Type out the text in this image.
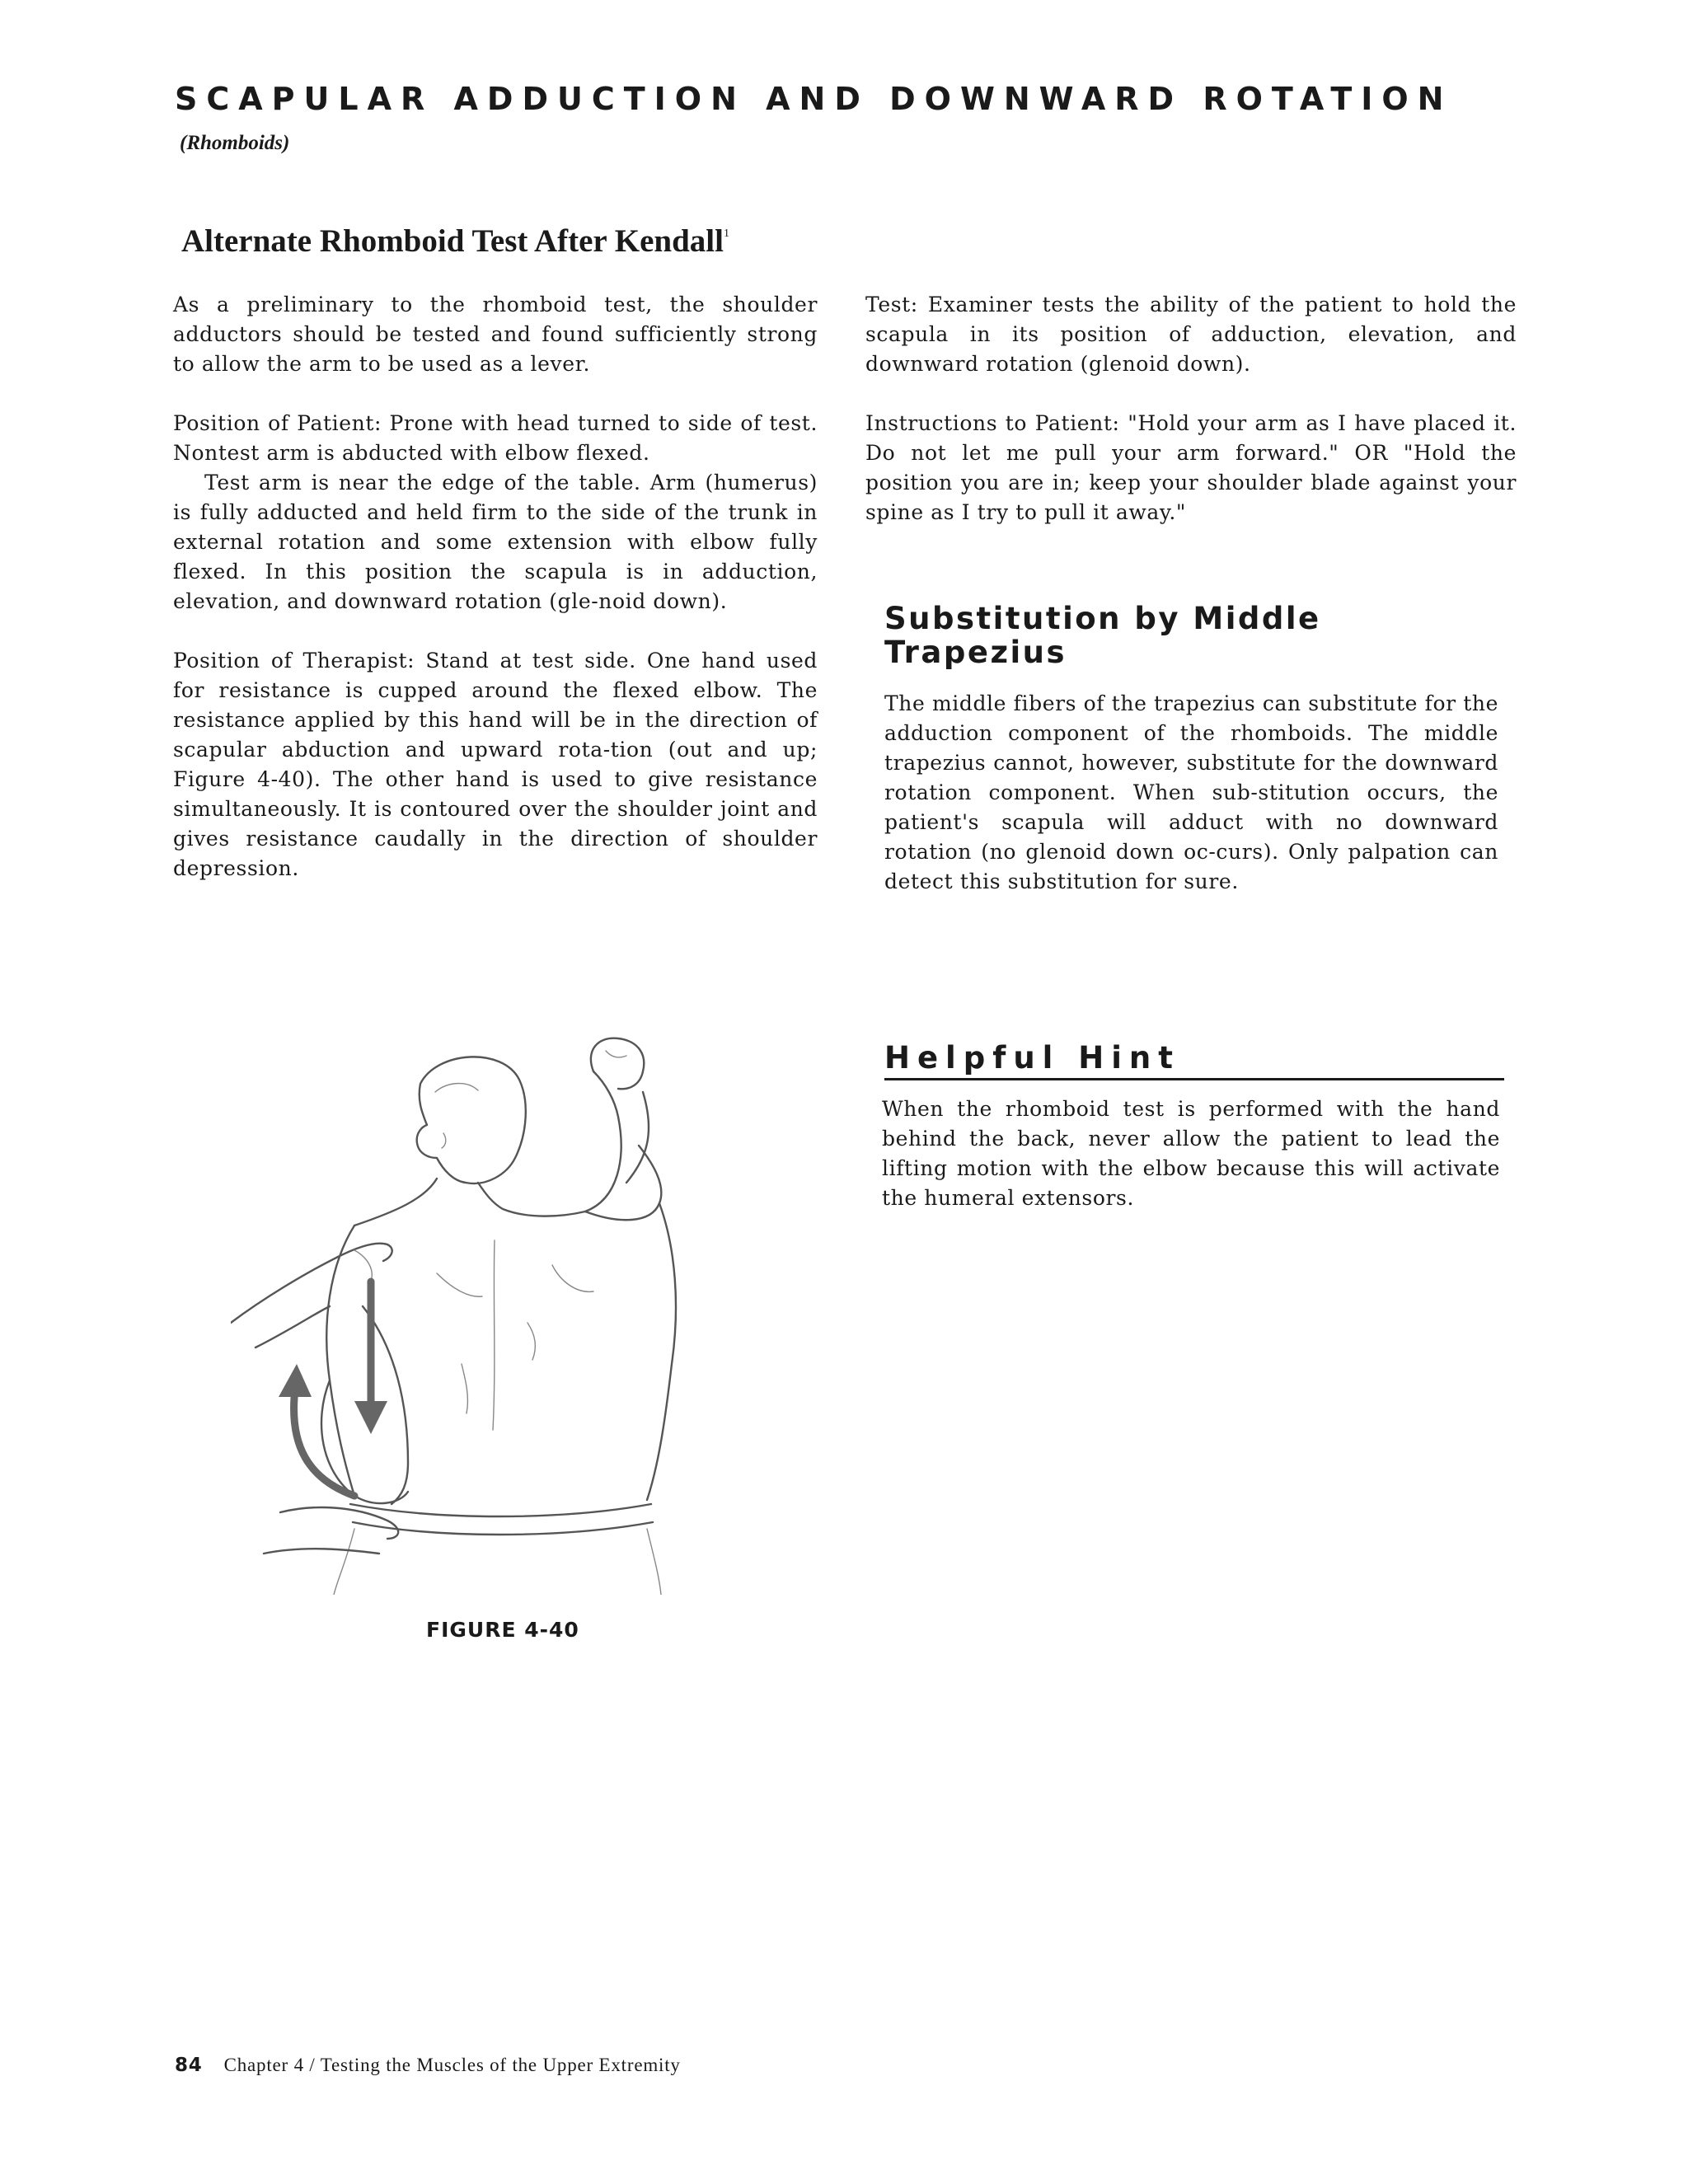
SCAPULAR ADDUCTION AND DOWNWARD ROTATION
(Rhomboids)
Alternate Rhomboid Test After Kendall$^1$

As a preliminary to the rhomboid test, the shoulder adductors should be tested and found sufficiently strong to allow the arm to be used as a lever.

Position of Patient: Prone with head turned to side of test. Nontest arm is abducted with elbow flexed.

Test arm is near the edge of the table. Arm (humerus) is fully adducted and held firm to the side of the trunk in external rotation and some extension with elbow fully flexed. In this position the scapula is in adduction, elevation, and downward rotation (gle-noid down).

Position of Therapist: Stand at test side. One hand used for resistance is cupped around the flexed elbow. The resistance applied by this hand will be in the direction of scapular abduction and upward rota-tion (out and up; Figure 4-40). The other hand is used to give resistance simultaneously. It is contoured over the shoulder joint and gives resistance caudally in the direction of shoulder depression.

Test: Examiner tests the ability of the patient to hold the scapula in its position of adduction, elevation, and downward rotation (glenoid down).

Instructions to Patient: "Hold your arm as I have placed it. Do not let me pull your arm forward." OR "Hold the position you are in; keep your shoulder blade against your spine as I try to pull it away."

Substitution by Middle Trapezius

The middle fibers of the trapezius can substitute for the adduction component of the rhomboids. The middle trapezius cannot, however, substitute for the downward rotation component. When sub-stitution occurs, the patient's scapula will adduct with no downward rotation (no glenoid down oc-curs). Only palpation can detect this substitution for sure.

Helpful Hint

When the rhomboid test is performed with the hand behind the back, never allow the patient to lead the lifting motion with the elbow because this will activate the humeral extensors.

FIGURE 4-40
84 Chapter 4 / Testing the Muscles of the Upper Extremity
